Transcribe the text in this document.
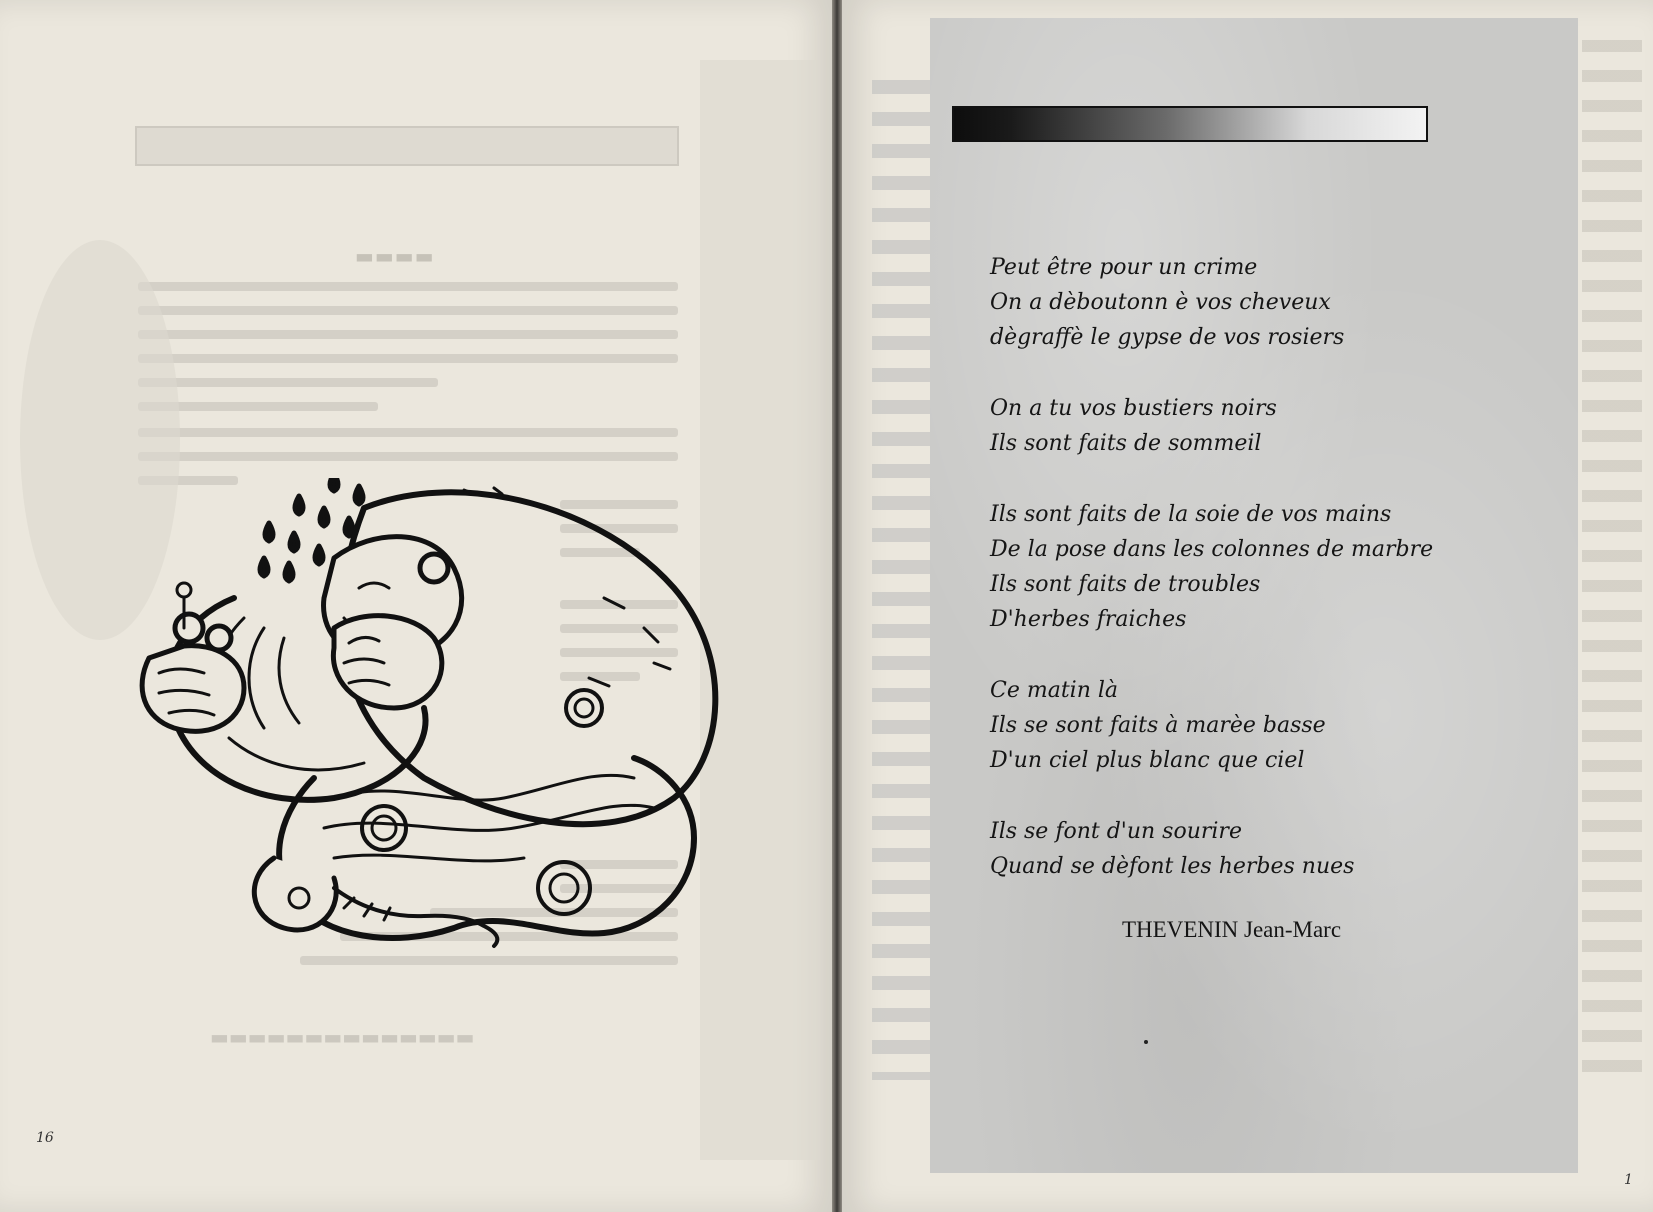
▬▬▬▬
▬▬▬▬▬▬▬▬▬▬▬▬▬▬
16
Peut être pour un crime
On a dèboutonn è vos cheveux
dègraffè le gypse de vos rosiers
On a tu vos bustiers noirs
Ils sont faits de sommeil
Ils sont faits de la soie de vos mains
De la pose dans les colonnes de marbre
Ils sont faits de troubles
D'herbes fraiches
Ce matin là
Ils se sont faits à marèe basse
D'un ciel plus blanc que ciel
Ils se font d'un sourire
Quand se dèfont les herbes nues
THEVENIN Jean-Marc
1
